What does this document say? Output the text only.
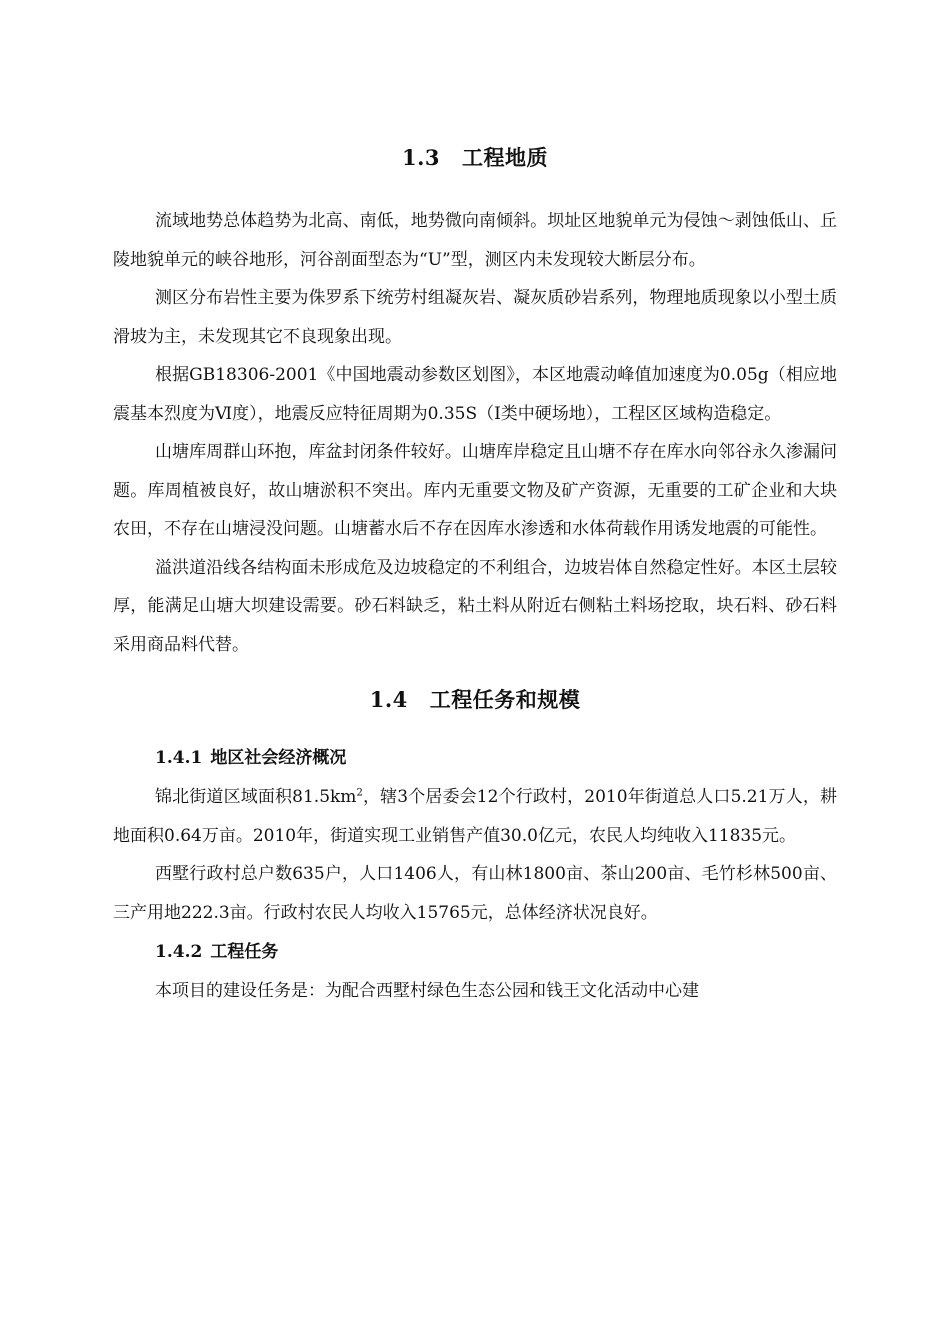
1.3 工程地质

流域地势总体趋势为北高、南低，地势微向南倾斜。坝址区地貌单元为侵蚀～剥蚀低山、丘陵地貌单元的峡谷地形，河谷剖面型态为“U”型，测区内未发现较大断层分布。

测区分布岩性主要为侏罗系下统劳村组凝灰岩、凝灰质砂岩系列，物理地质现象以小型土质滑坡为主，未发现其它不良现象出现。

根据GB18306-2001《中国地震动参数区划图》，本区地震动峰值加速度为0.05g（相应地震基本烈度为Ⅵ度），地震反应特征周期为0.35S（Ⅰ类中硬场地），工程区区域构造稳定。

山塘库周群山环抱，库盆封闭条件较好。山塘库岸稳定且山塘不存在库水向邻谷永久渗漏问题。库周植被良好，故山塘淤积不突出。库内无重要文物及矿产资源，无重要的工矿企业和大块农田，不存在山塘浸没问题。山塘蓄水后不存在因库水渗透和水体荷载作用诱发地震的可能性。

溢洪道沿线各结构面未形成危及边坡稳定的不利组合，边坡岩体自然稳定性好。本区土层较厚，能满足山塘大坝建设需要。砂石料缺乏，粘土料从附近右侧粘土料场挖取，块石料、砂石料采用商品料代替。

1.4 工程任务和规模
1.4.1 地区社会经济概况

锦北街道区域面积$81.5km^2$，辖3个居委会12个行政村，2010年街道总人口5.21万人，耕地面积0.64万亩。2010年，街道实现工业销售产值30.0亿元，农民人均纯收入11835元。

西墅行政村总户数635户，人口1406人，有山林1800亩、茶山200亩、毛竹杉林500亩、三产用地222.3亩。行政村农民人均收入15765元，总体经济状况良好。

1.4.2 工程任务

本项目的建设任务是：为配合西墅村绿色生态公园和钱王文化活动中心建
